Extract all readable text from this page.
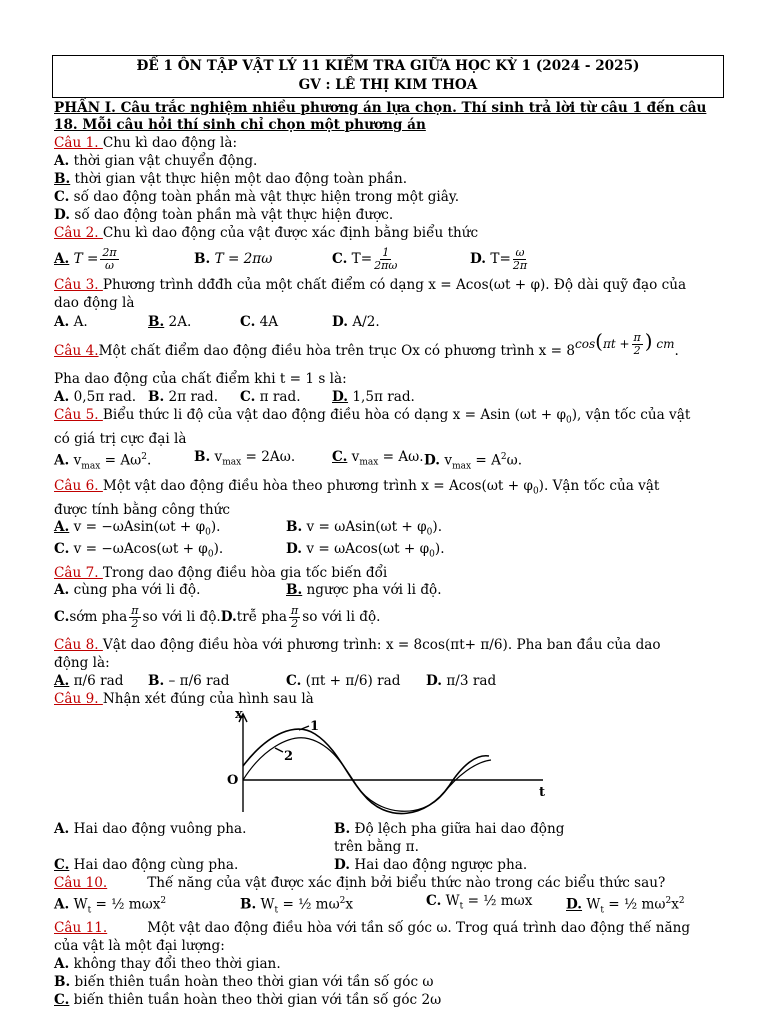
ĐỀ 1 ÔN TẬP VẬT LÝ 11 KIỂM TRA GIỮA HỌC KỲ 1 (2024 - 2025)
GV : LÊ THỊ KIM THOA
PHẦN I. Câu trắc nghiệm nhiều phương án lựa chọn. Thí sinh trả lời từ câu 1 đến câu
18. Mỗi câu hỏi thí sinh chỉ chọn một phương án
Câu 1. Chu kì dao động là:
A. thời gian vật chuyển động.
B. thời gian vật thực hiện một dao động toàn phần.
C. số dao động toàn phần mà vật thực hiện trong một giây.
D. số dao động toàn phần mà vật thực hiện được.
Câu 2. Chu kì dao động của vật được xác định bằng biểu thức
A. $T = \frac{2\pi}{\omega}$	B. T = 2πω	C. $T= \frac{1}{2\pi\omega}$	D. $T= \frac{\omega}{2\pi}$
Câu 3. Phương trình dđđh của một chất điểm có dạng x = Acos(ωt + φ). Độ dài quỹ đạo của
dao động là
A. A.	B. 2A.	C. 4A	D. A/2.
Câu 4. Một chất điểm dao động điều hòa trên trục Ox có phương trình x = 8 $\cos(\pi t + \frac{\pi}{2}$ ) cm .
Pha dao động của chất điểm khi t = 1 s là:
A. 0,5π rad. B. 2π rad.	C. π rad.	D. 1,5π rad.
Câu 5. Biểu thức li độ của vật dao động điều hòa có dạng x = Asin $(\omega t + \varphi_0)$, vận tốc của vật
có giá trị cực đại là
A. $v_{max} = A\omega^2$.	B. $v_{max} = 2A\omega$.	C. $v_{max} = A\omega$. D. $v_{max} = A^2\omega$.
Câu 6. Một vật dao động điều hòa theo phương trình $x = Acos(\omega t + \varphi_0)$. Vận tốc của vật
được tính bằng công thức
A. $v = -\omega Asin(\omega t + \varphi_0)$.	B. $v = \omega Asin(\omega t + \varphi_0)$.
C. $v = -\omega Acos(\omega t + \varphi_0)$.	D. $v = \omega Acos(\omega t + \varphi_0)$.
Câu 7. Trong dao động điều hòa gia tốc biến đổi
A. cùng pha với li độ.	B. ngược pha với li độ.
C. sớm pha $\frac{\pi}{2}$ so với li độ. D. trễ pha $\frac{\pi}{2}$ so với li độ.
Câu 8. Vật dao động điều hòa với phương trình: x = 8cos(πt+ π/6). Pha ban đầu của dao
động là:
A. π/6 rad	B. – π/6 rad	C. (πt + π/6) rad	D. π/3 rad
Câu 9. Nhận xét đúng của hình sau là
x
t
O
1
2
A. Hai dao động vuông pha.	B. Độ lệch pha giữa hai dao động trên bằng π.
C. Hai dao động cùng pha.	D. Hai dao động ngược pha.
Câu 10.	Thế năng của vật được xác định bởi biểu thức nào trong các biểu thức sau?
A. $W_t$ = ½ mωx$^2$	B. $W_t$ = ½ $m\omega^2x$	C. $W_t$ = ½ mωx	D. $W_t$ = ½ $m\omega^2x^2$
Câu 11.	Một vật dao động điều hòa với tần số góc ω. Trog quá trình dao động thế năng
của vật là một đại lượng:
A. không thay đổi theo thời gian.
B. biến thiên tuần hoàn theo thời gian với tần số góc ω
C. biến thiên tuần hoàn theo thời gian với tần số góc 2ω
